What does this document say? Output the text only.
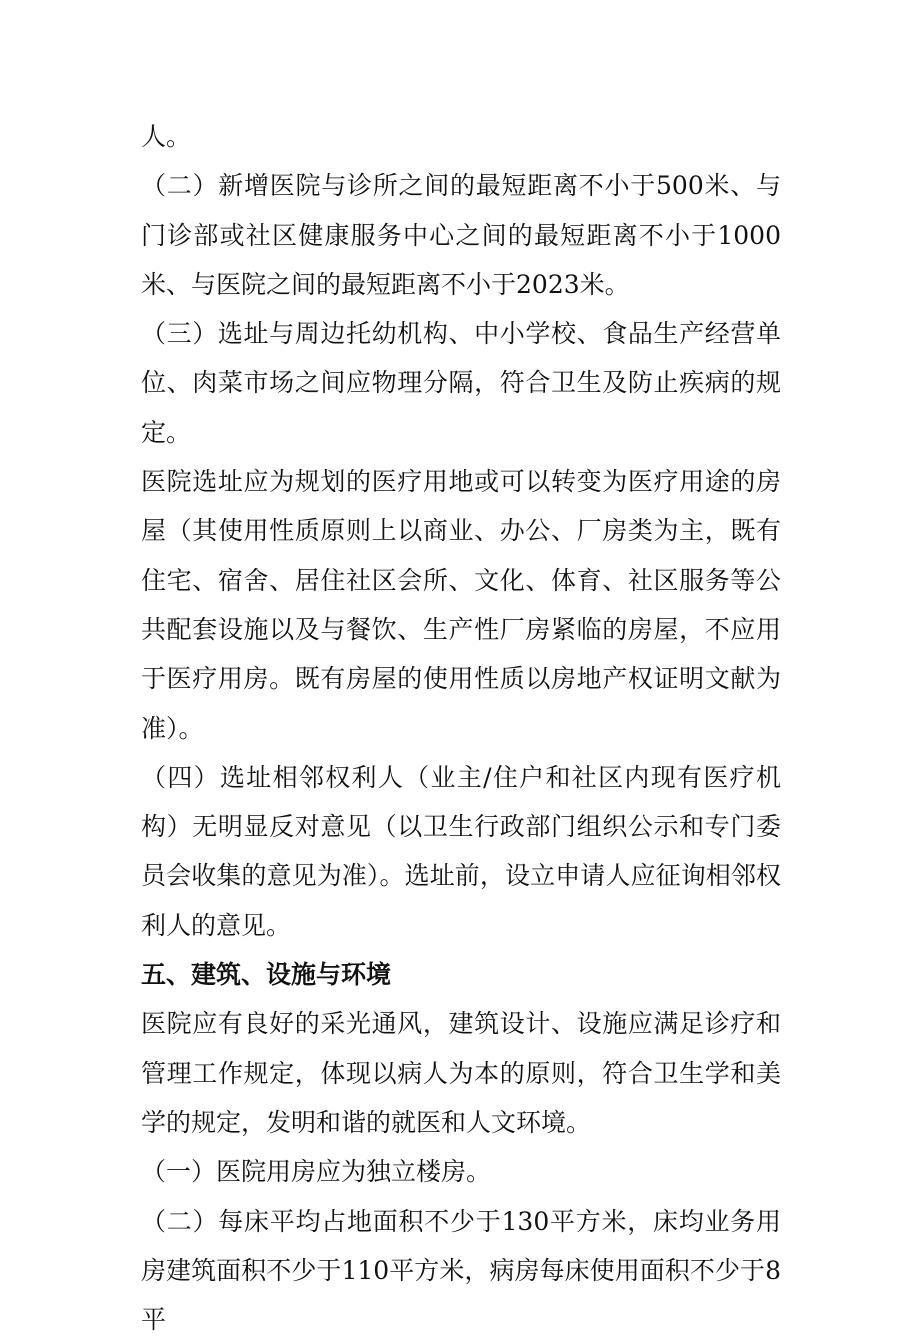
人。

（二）新增医院与诊所之间的最短距离不小于500米、与门诊部或社区健康服务中心之间的最短距离不小于1000米、与医院之间的最短距离不小于2023米。

（三）选址与周边托幼机构、中小学校、食品生产经营单位、肉菜市场之间应物理分隔，符合卫生及防止疾病的规定。

医院选址应为规划的医疗用地或可以转变为医疗用途的房屋（其使用性质原则上以商业、办公、厂房类为主，既有住宅、宿舍、居住社区会所、文化、体育、社区服务等公共配套设施以及与餐饮、生产性厂房紧临的房屋，不应用于医疗用房。既有房屋的使用性质以房地产权证明文献为准）。

（四）选址相邻权利人（业主/住户和社区内现有医疗机构）无明显反对意见（以卫生行政部门组织公示和专门委员会收集的意见为准）。选址前，设立申请人应征询相邻权利人的意见。

五、建筑、设施与环境

医院应有良好的采光通风，建筑设计、设施应满足诊疗和管理工作规定，体现以病人为本的原则，符合卫生学和美学的规定，发明和谐的就医和人文环境。

（一）医院用房应为独立楼房。

（二）每床平均占地面积不少于130平方米，床均业务用房建筑面积不少于110平方米，病房每床使用面积不少于8平
